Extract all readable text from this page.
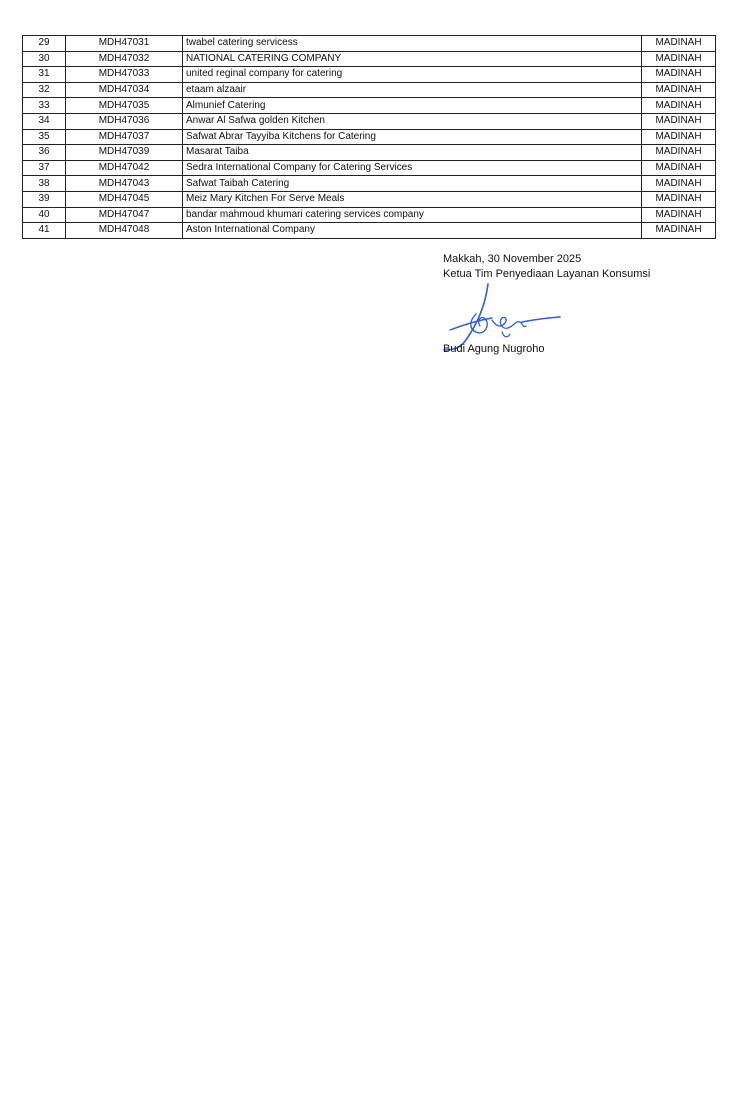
29	MDH47031	twabel catering servicess	MADINAH
30	MDH47032	NATIONAL CATERING COMPANY	MADINAH
31	MDH47033	united reginal company for catering	MADINAH
32	MDH47034	etaam alzaair	MADINAH
33	MDH47035	Almunief Catering	MADINAH
34	MDH47036	Anwar Al Safwa golden Kitchen	MADINAH
35	MDH47037	Safwat Abrar Tayyiba Kitchens for Catering	MADINAH
36	MDH47039	Masarat Taiba	MADINAH
37	MDH47042	Sedra International Company for Catering Services	MADINAH
38	MDH47043	Safwat Taibah Catering	MADINAH
39	MDH47045	Meiz Mary Kitchen For Serve Meals	MADINAH
40	MDH47047	bandar mahmoud khumari catering services company	MADINAH
41	MDH47048	Aston International Company	MADINAH
Makkah, 30 November 2025
Ketua Tim Penyediaan Layanan Konsumsi
Budi Agung Nugroho
